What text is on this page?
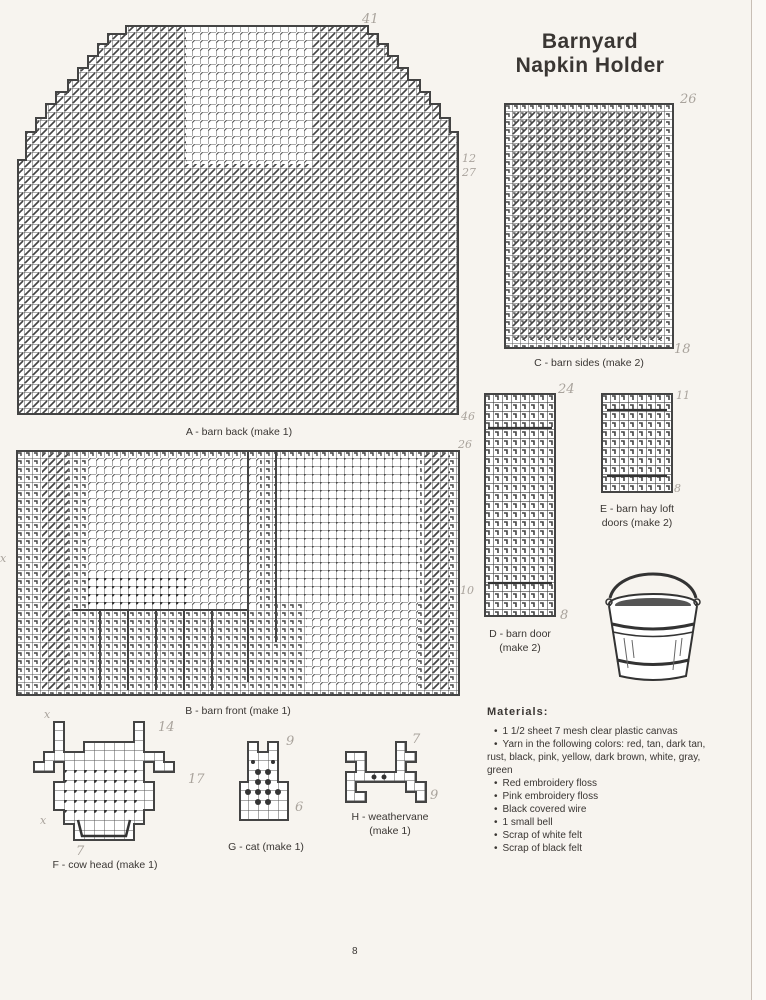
Barnyard
Napkin Holder
41
12
27
46
A - barn back (make 1)
26
10
x
B - barn front (make 1)
26
18
C - barn sides (make 2)
24
8
D - barn door
(make 2)
11
8
E - barn hay loft
doors (make 2)
x
14
17
x
7
F - cow head (make 1)
9
6
G - cat (make 1)
7
9
H - weathervane
(make 1)
Materials:
• 1 1/2 sheet 7 mesh clear plastic canvas
• Yarn in the following colors: red, tan, dark tan, rust, black, pink, yellow, dark brown, white, gray, green
• Red embroidery floss
• Pink embroidery floss
• Black covered wire
• 1 small bell
• Scrap of white felt
• Scrap of black felt
8
